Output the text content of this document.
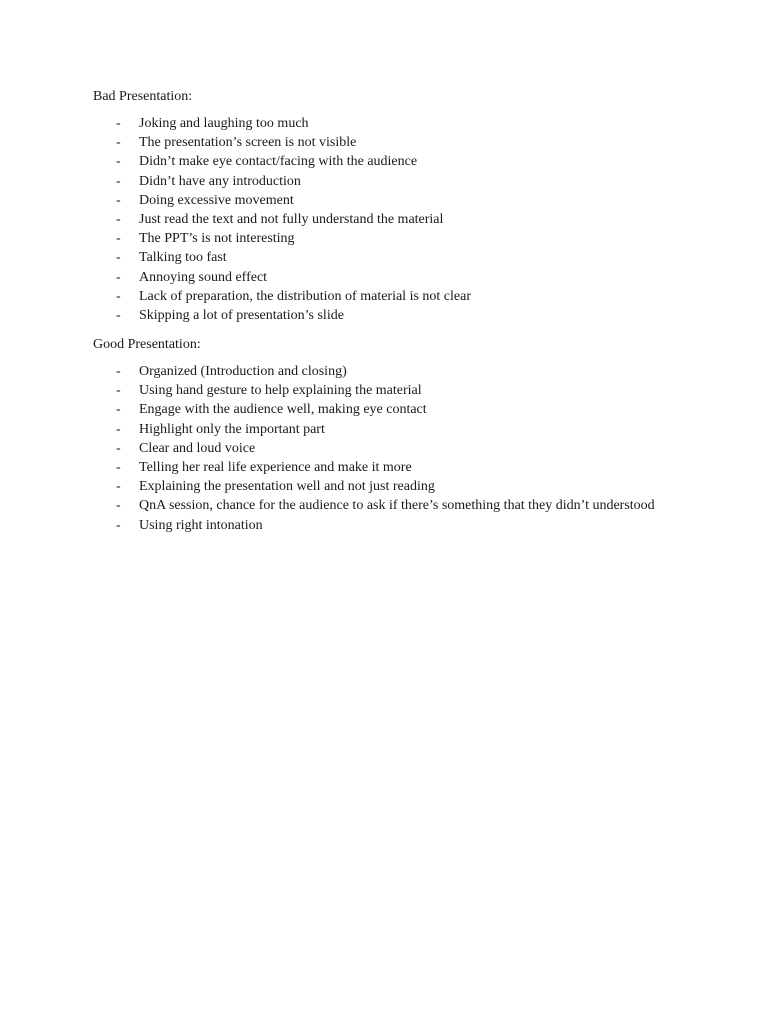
Bad Presentation:

- Joking and laughing too much
- The presentation’s screen is not visible
- Didn’t make eye contact/facing with the audience
- Didn’t have any introduction
- Doing excessive movement
- Just read the text and not fully understand the material
- The PPT’s is not interesting
- Talking too fast
- Annoying sound effect
- Lack of preparation, the distribution of material is not clear
- Skipping a lot of presentation’s slide

Good Presentation:

- Organized (Introduction and closing)
- Using hand gesture to help explaining the material
- Engage with the audience well, making eye contact
- Highlight only the important part
- Clear and loud voice
- Telling her real life experience and make it more
- Explaining the presentation well and not just reading
- QnA session, chance for the audience to ask if there’s something that they didn’t understood
- Using right intonation
